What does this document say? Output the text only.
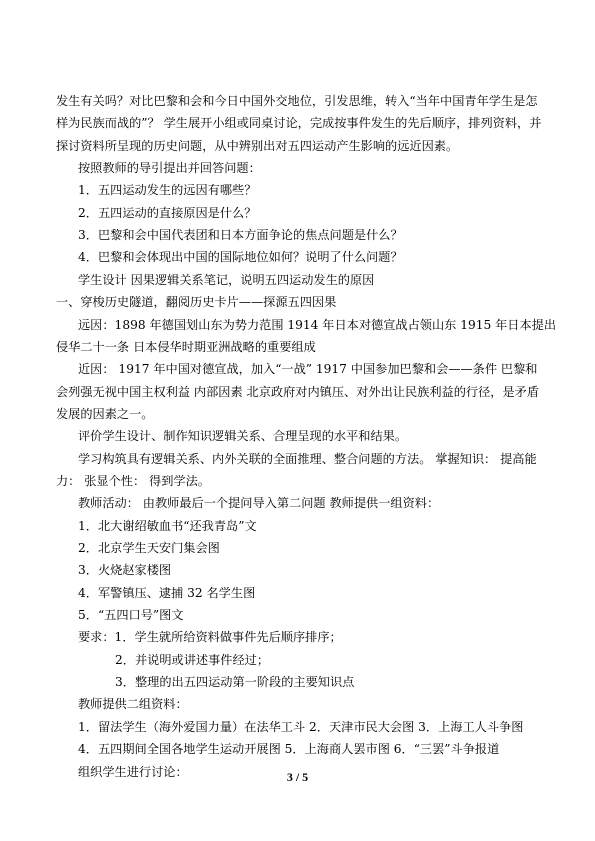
发生有关吗？对比巴黎和会和今日中国外交地位，引发思维，转入“当年中国青年学生是怎
样为民族而战的”？ 学生展开小组或同桌讨论，完成按事件发生的先后顺序，排列资料，并
探讨资料所呈现的历史问题，从中辨别出对五四运动产生影响的远近因素。
按照教师的导引提出并回答问题：
1．五四运动发生的远因有哪些？
2．五四运动的直接原因是什么？
3．巴黎和会中国代表团和日本方面争论的焦点问题是什么？
4．巴黎和会体现出中国的国际地位如何？说明了什么问题？
学生设计 因果逻辑关系笔记，说明五四运动发生的原因
一、穿梭历史隧道，翻阅历史卡片——探源五四因果
远因：1898 年德国划山东为势力范围 1914 年日本对德宣战占领山东 1915 年日本提出
侵华二十一条 日本侵华时期亚洲战略的重要组成
近因： 1917 年中国对德宣战，加入“一战” 1917 中国参加巴黎和会——条件 巴黎和
会列强无视中国主权利益 内部因素 北京政府对内镇压、对外出让民族利益的行径，是矛盾
发展的因素之一。
评价学生设计、制作知识逻辑关系、合理呈现的水平和结果。
学习构筑具有逻辑关系、内外关联的全面推理、整合问题的方法。 掌握知识： 提高能
力： 张显个性： 得到学法。
教师活动： 由教师最后一个提问导入第二问题 教师提供一组资料：
1．北大谢绍敏血书“还我青岛”文
2．北京学生天安门集会图
3．火烧赵家楼图
4．军警镇压、逮捕 32 名学生图
5．“五四口号”图文
要求：1．学生就所给资料做事件先后顺序排序；
2．并说明或讲述事件经过；
3．整理的出五四运动第一阶段的主要知识点
教师提供二组资料：
1．留法学生（海外爱国力量）在法华工斗 2．天津市民大会图 3．上海工人斗争图
4．五四期间全国各地学生运动开展图 5．上海商人罢市图 6．“三罢”斗争报道
组织学生进行讨论：	3 / 5
